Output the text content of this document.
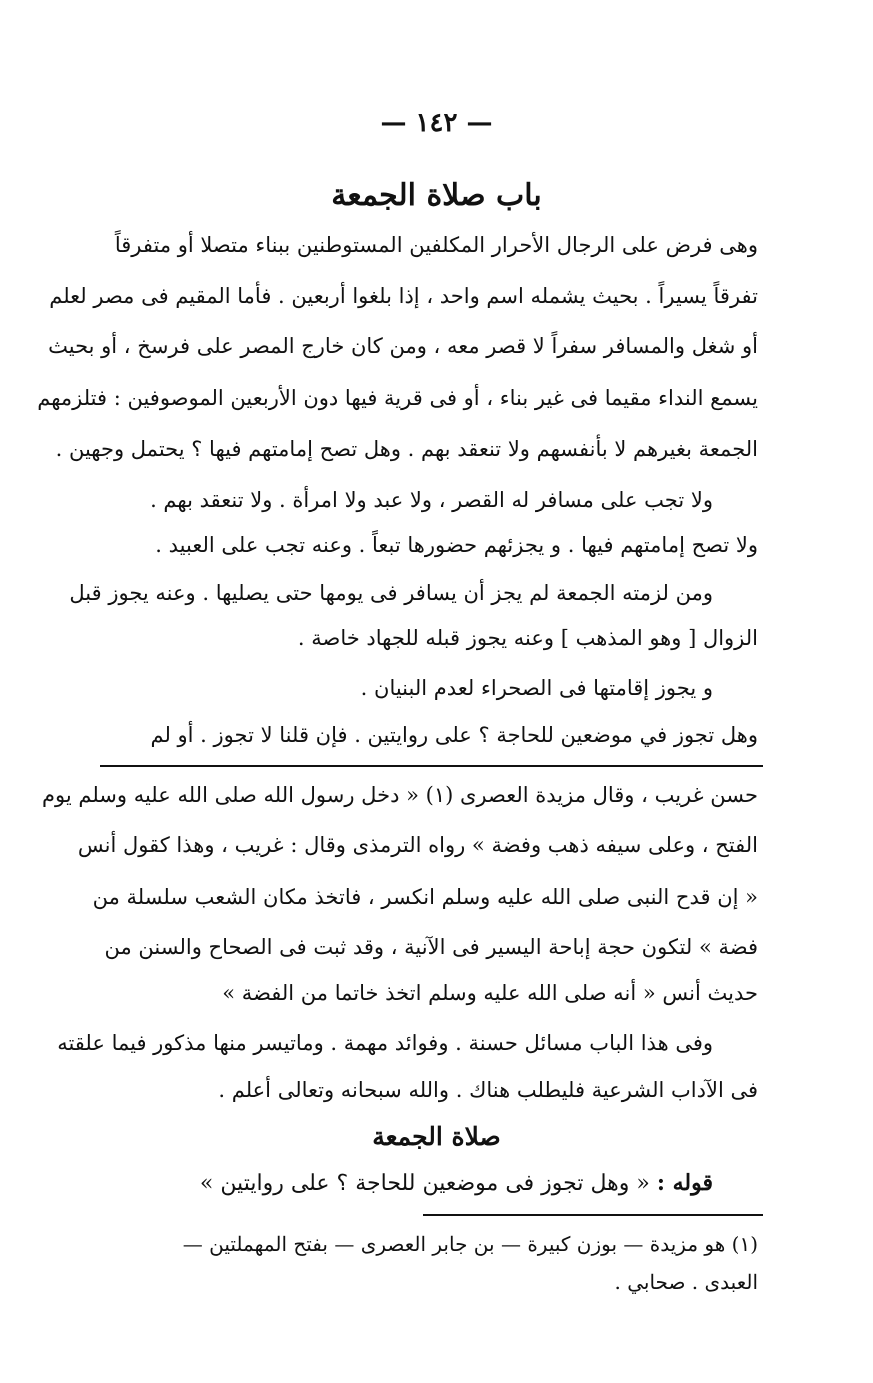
— ١٤٢ —
باب صلاة الجمعة
وهى فرض على الرجال الأحرار المكلفين المستوطنين ببناء متصلا أو متفرقاً
تفرقاً يسيراً . بحيث يشمله اسم واحد ، إذا بلغوا أربعين . فأما المقيم فى مصر لعلم
أو شغل والمسافر سفراً لا قصر معه ، ومن كان خارج المصر على فرسخ ، أو بحيث
يسمع النداء مقيما فى غير بناء ، أو فى قرية فيها دون الأربعين الموصوفين : فتلزمهم
الجمعة بغيرهم لا بأنفسهم ولا تنعقد بهم . وهل تصح إمامتهم فيها ؟ يحتمل وجهين .
ولا تجب على مسافر له القصر ، ولا عبد ولا امرأة . ولا تنعقد بهم .
ولا تصح إمامتهم فيها . و يجزئهم حضورها تبعاً . وعنه تجب على العبيد .
ومن لزمته الجمعة لم يجز أن يسافر فى يومها حتى يصليها . وعنه يجوز قبل
الزوال [ وهو المذهب ] وعنه يجوز قبله للجهاد خاصة .
و يجوز إقامتها فى الصحراء لعدم البنيان .
وهل تجوز في موضعين للحاجة ؟ على روايتين . فإن قلنا لا تجوز . أو لم
حسن غريب ، وقال مزيدة العصرى (١) « دخل رسول الله صلى الله عليه وسلم يوم
الفتح ، وعلى سيفه ذهب وفضة » رواه الترمذى وقال : غريب ، وهذا كقول أنس
« إن قدح النبى صلى الله عليه وسلم انكسر ، فاتخذ مكان الشعب سلسلة من
فضة » لتكون حجة إباحة اليسير فى الآنية ، وقد ثبت فى الصحاح والسنن من
حديث أنس « أنه صلى الله عليه وسلم اتخذ خاتما من الفضة »
وفى هذا الباب مسائل حسنة . وفوائد مهمة . وماتيسر منها مذكور فيما علقته
فى الآداب الشرعية فليطلب هناك . والله سبحانه وتعالى أعلم .
صلاة الجمعة
قوله : « وهل تجوز فى موضعين للحاجة ؟ على روايتين »
(١) هو مزيدة — بوزن كبيرة — بن جابر العصرى — بفتح المهملتين —
العبدى . صحابي .
